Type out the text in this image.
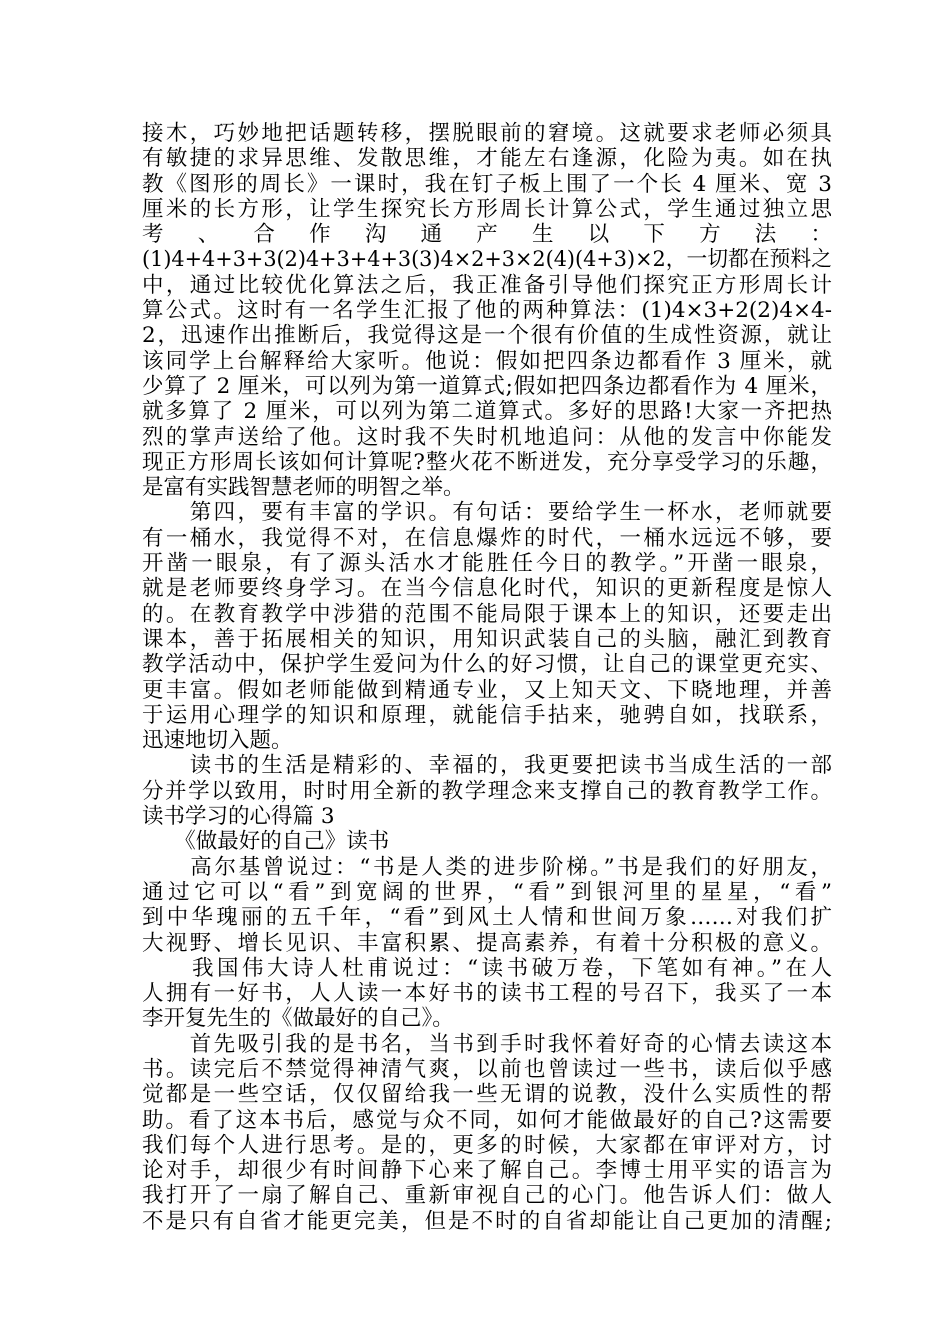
接木，巧妙地把话题转移，摆脱眼前的窘境。这就要求老师必须具
有敏捷的求异思维、发散思维，才能左右逢源，化险为夷。如在执
教《图形的周长》一课时，我在钉子板上围了一个长 4 厘米、宽 3
厘米的长方形，让学生探究长方形周长计算公式，学生通过独立思
考 、 合 作 沟 通 产 生 以 下 方 法 ：
(1)4+4+3+3(2)4+3+4+3(3)4×2+3×2(4)(4+3)×2，一切都在预料之
中，通过比较优化算法之后，我正准备引导他们探究正方形周长计
算公式。这时有一名学生汇报了他的两种算法：(1)4×3+2(2)4×4-
2，迅速作出推断后，我觉得这是一个很有价值的生成性资源，就让
该同学上台解释给大家听。他说：假如把四条边都看作 3 厘米，就
少算了 2 厘米，可以列为第一道算式;假如把四条边都看作为 4 厘米，
就多算了 2 厘米，可以列为第二道算式。多好的思路!大家一齐把热
烈的掌声送给了他。这时我不失时机地追问：从他的发言中你能发
现正方形周长该如何计算呢?整火花不断迸发，充分享受学习的乐趣，
是富有实践智慧老师的明智之举。
　　第四，要有丰富的学识。有句话：要给学生一杯水，老师就要
有一桶水，我觉得不对，在信息爆炸的时代，一桶水远远不够，要
开凿一眼泉，有了源头活水才能胜任今日的教学。”开凿一眼泉，
就是老师要终身学习。在当今信息化时代，知识的更新程度是惊人
的。在教育教学中涉猎的范围不能局限于课本上的知识，还要走出
课本，善于拓展相关的知识，用知识武装自己的头脑，融汇到教育
教学活动中，保护学生爱问为什么的好习惯，让自己的课堂更充实、
更丰富。假如老师能做到精通专业，又上知天文、下晓地理，并善
于运用心理学的知识和原理，就能信手拈来，驰骋自如，找联系，
迅速地切入题。
　　读书的生活是精彩的、幸福的，我更要把读书当成生活的一部
分并学以致用，时时用全新的教学理念来支撑自己的教育教学工作。
读书学习的心得篇 3
　　《做最好的自己》读书
　　高尔基曾说过：“书是人类的进步阶梯。”书是我们的好朋友，
通过它可以“看”到宽阔的世界，“看”到银河里的星星，“看”
到中华瑰丽的五千年，“看”到风土人情和世间万象……对我们扩
大视野、增长见识、丰富积累、提高素养，有着十分积极的意义。
　　我国伟大诗人杜甫说过：“读书破万卷，下笔如有神。”在人
人拥有一好书，人人读一本好书的读书工程的号召下，我买了一本
李开复先生的《做最好的自己》。
　　首先吸引我的是书名，当书到手时我怀着好奇的心情去读这本
书。读完后不禁觉得神清气爽，以前也曾读过一些书，读后似乎感
觉都是一些空话，仅仅留给我一些无谓的说教，没什么实质性的帮
助。看了这本书后，感觉与众不同，如何才能做最好的自己?这需要
我们每个人进行思考。是的，更多的时候，大家都在审评对方，讨
论对手，却很少有时间静下心来了解自己。李博士用平实的语言为
我打开了一扇了解自己、重新审视自己的心门。他告诉人们：做人
不是只有自省才能更完美，但是不时的自省却能让自己更加的清醒;
